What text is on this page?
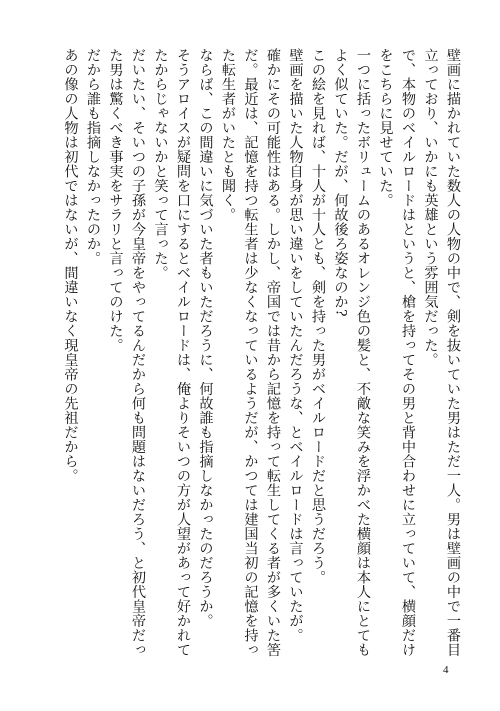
壁画に描かれていた数人の人物の中で、剣を抜いていた男はただ一人。男は壁画の中で一番目立っており、いかにも英雄という雰囲気だった。

で、本物のベイルロードはというと、槍を持ってその男と背中合わせに立っていて、横顔だけをこちらに見せていた。

一つに括ったボリュームのあるオレンジ色の髪と、不敵な笑みを浮かべた横顔は本人にとてもよく似ていた。だが、何故後ろ姿なのか?

この絵を見れば、十人が十人とも、剣を持った男がベイルロードだと思うだろう。

壁画を描いた人物自身が思い違いをしていたんだろうな、とベイルロードは言っていたが。

確かにその可能性はある。しかし、帝国では昔から記憶を持って転生してくる者が多くいた筈だ。最近は、記憶を持つ転生者は少なくなっているようだが、かつては建国当初の記憶を持った転生者がいたとも聞く。

ならば、この間違いに気づいた者もいただろうに、何故誰も指摘しなかったのだろうか。

そうアロイスが疑問を口にするとベイルロードは、俺よりそいつの方が人望があって好かれてたからじゃないかと笑って言った。

だいたい、そいつの子孫が今皇帝をやってるんだから何も問題はないだろう、と初代皇帝だった男は驚くべき事実をサラリと言ってのけた。

だから誰も指摘しなかったのか。

あの像の人物は初代ではないが、間違いなく現皇帝の先祖だから。

4
